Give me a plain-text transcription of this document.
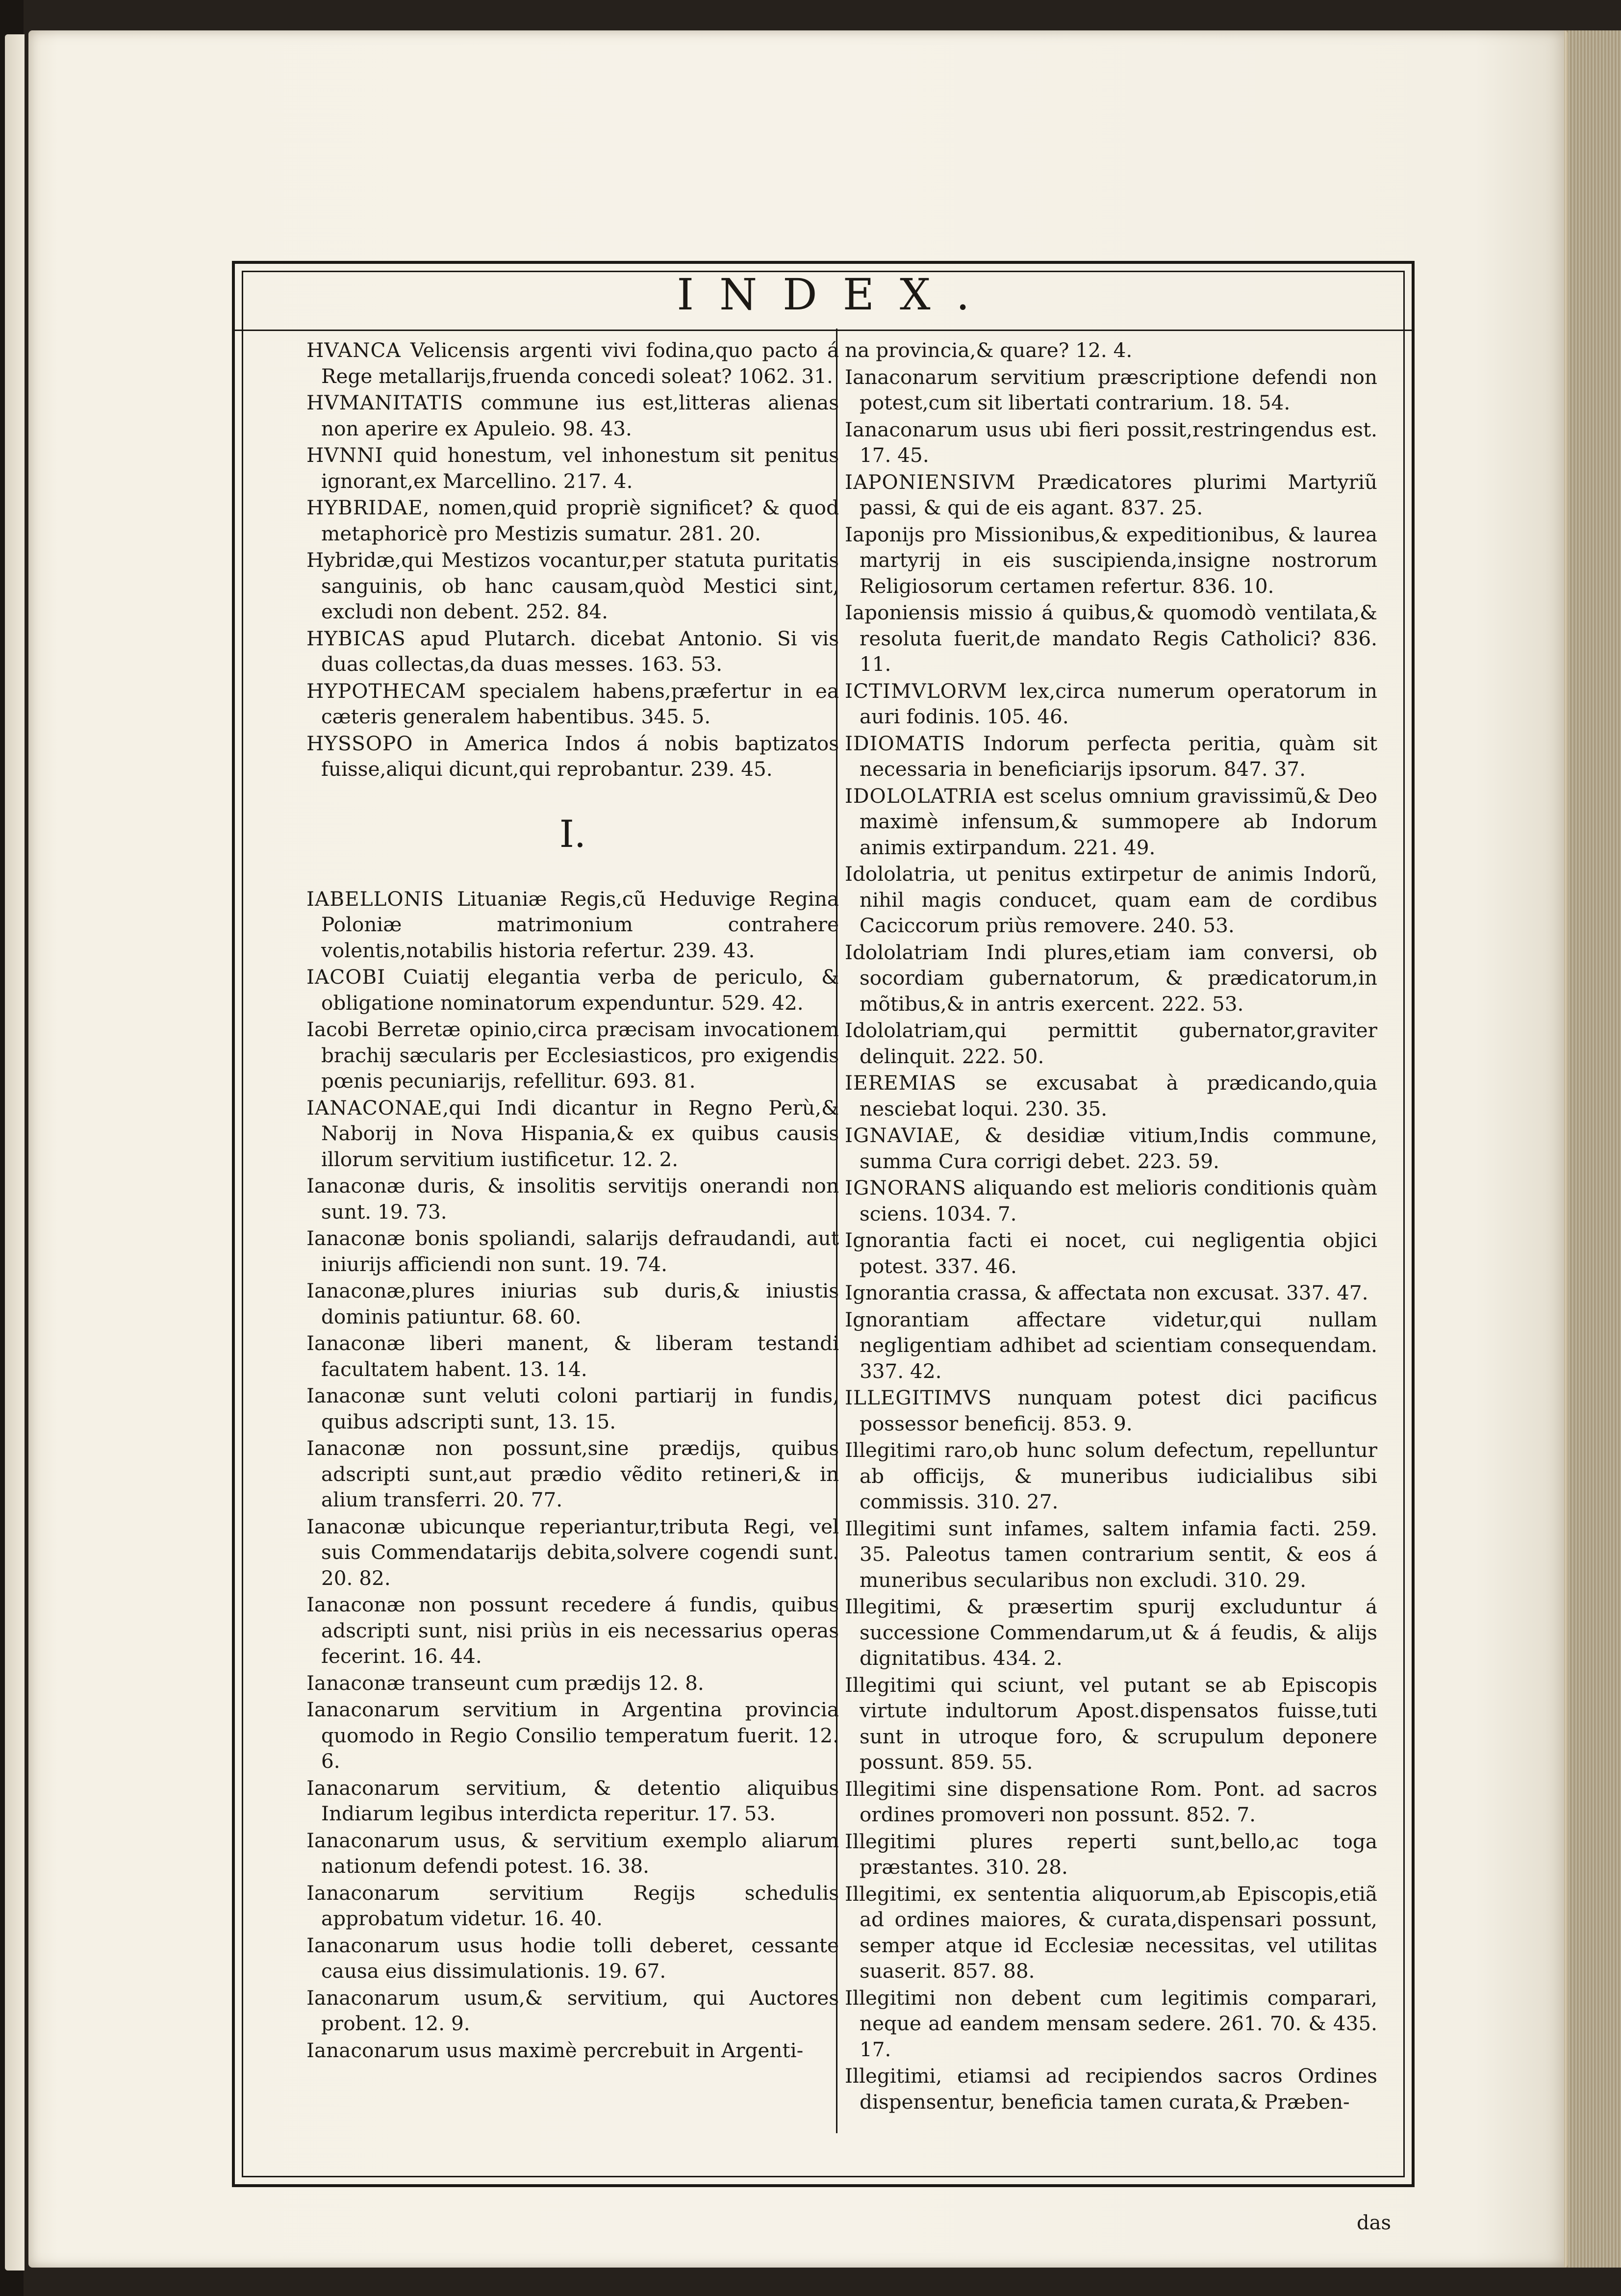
INDEX.
HVANCA Velicensis argenti vivi fodina,quo pacto á Rege metallarijs,fruenda concedi soleat? 1062. 31.
HVMANITATIS commune ius est,litteras alienas non aperire ex Apuleio. 98. 43.
HVNNI quid honestum, vel inhonestum sit penitus ignorant,ex Marcellino. 217. 4.
HYBRIDAE, nomen,quid propriè significet? & quod metaphoricè pro Mestizis sumatur. 281. 20.
Hybridæ,qui Mestizos vocantur,per statuta puritatis sanguinis, ob hanc causam,quòd Mestici sint, excludi non debent. 252. 84.
HYBICAS apud Plutarch. dicebat Antonio. Si vis duas collectas,da duas messes. 163. 53.
HYPOTHECAM specialem habens,præfertur in ea cæteris generalem habentibus. 345. 5.
HYSSOPO in America Indos á nobis baptizatos fuisse,aliqui dicunt,qui reprobantur. 239. 45.
I.
IABELLONIS Lituaniæ Regis,cũ Heduvige Regina Poloniæ matrimonium contrahere volentis,notabilis historia refertur. 239. 43.
IACOBI Cuiatij elegantia verba de periculo, & obligatione nominatorum expenduntur. 529. 42.
Iacobi Berretæ opinio,circa præcisam invocationem brachij sæcularis per Ecclesiasticos, pro exigendis pœnis pecuniarijs, refellitur. 693. 81.
IANACONAE,qui Indi dicantur in Regno Perù,& Naborij in Nova Hispania,& ex quibus causis illorum servitium iustificetur. 12. 2.
Ianaconæ duris, & insolitis servitijs onerandi non sunt. 19. 73.
Ianaconæ bonis spoliandi, salarijs defraudandi, aut iniurijs afficiendi non sunt. 19. 74.
Ianaconæ,plures iniurias sub duris,& iniustis dominis patiuntur. 68. 60.
Ianaconæ liberi manent, & liberam testandi facultatem habent. 13. 14.
Ianaconæ sunt veluti coloni partiarij in fundis, quibus adscripti sunt, 13. 15.
Ianaconæ non possunt,sine prædijs, quibus adscripti sunt,aut prædio vẽdito retineri,& in alium transferri. 20. 77.
Ianaconæ ubicunque reperiantur,tributa Regi, vel suis Commendatarijs debita,solvere cogendi sunt. 20. 82.
Ianaconæ non possunt recedere á fundis, quibus adscripti sunt, nisi priùs in eis necessarius operas fecerint. 16. 44.
Ianaconæ transeunt cum prædijs 12. 8.
Ianaconarum servitium in Argentina provincia quomodo in Regio Consilio temperatum fuerit. 12. 6.
Ianaconarum servitium, & detentio aliquibus Indiarum legibus interdicta reperitur. 17. 53.
Ianaconarum usus, & servitium exemplo aliarum nationum defendi potest. 16. 38.
Ianaconarum servitium Regijs schedulis approbatum videtur. 16. 40.
Ianaconarum usus hodie tolli deberet, cessante causa eius dissimulationis. 19. 67.
Ianaconarum usum,& servitium, qui Auctores probent. 12. 9.
Ianaconarum usus maximè percrebuit in Argenti-
na provincia,& quare? 12. 4.
Ianaconarum servitium præscriptione defendi non potest,cum sit libertati contrarium. 18. 54.
Ianaconarum usus ubi fieri possit,restringendus est. 17. 45.
IAPONIENSIVM Prædicatores plurimi Martyriũ passi, & qui de eis agant. 837. 25.
Iaponijs pro Missionibus,& expeditionibus, & laurea martyrij in eis suscipienda,insigne nostrorum Religiosorum certamen refertur. 836. 10.
Iaponiensis missio á quibus,& quomodò ventilata,& resoluta fuerit,de mandato Regis Catholici? 836. 11.
ICTIMVLORVM lex,circa numerum operatorum in auri fodinis. 105. 46.
IDIOMATIS Indorum perfecta peritia, quàm sit necessaria in beneficiarijs ipsorum. 847. 37.
IDOLOLATRIA est scelus omnium gravissimũ,& Deo maximè infensum,& summopere ab Indorum animis extirpandum. 221. 49.
Idololatria, ut penitus extirpetur de animis Indorũ, nihil magis conducet, quam eam de cordibus Caciccorum priùs removere. 240. 53.
Idololatriam Indi plures,etiam iam conversi, ob socordiam gubernatorum, & prædicatorum,in mõtibus,& in antris exercent. 222. 53.
Idololatriam,qui permittit gubernator,graviter delinquit. 222. 50.
IEREMIAS se excusabat à prædicando,quia nesciebat loqui. 230. 35.
IGNAVIAE, & desidiæ vitium,Indis commune, summa Cura corrigi debet. 223. 59.
IGNORANS aliquando est melioris conditionis quàm sciens. 1034. 7.
Ignorantia facti ei nocet, cui negligentia objici potest. 337. 46.
Ignorantia crassa, & affectata non excusat. 337. 47.
Ignorantiam affectare videtur,qui nullam negligentiam adhibet ad scientiam consequendam. 337. 42.
ILLEGITIMVS nunquam potest dici pacificus possessor beneficij. 853. 9.
Illegitimi raro,ob hunc solum defectum, repelluntur ab officijs, & muneribus iudicialibus sibi commissis. 310. 27.
Illegitimi sunt infames, saltem infamia facti. 259. 35. Paleotus tamen contrarium sentit, & eos á muneribus secularibus non excludi. 310. 29.
Illegitimi, & præsertim spurij excluduntur á successione Commendarum,ut & á feudis, & alijs dignitatibus. 434. 2.
Illegitimi qui sciunt, vel putant se ab Episcopis virtute indultorum Apost.dispensatos fuisse,tuti sunt in utroque foro, & scrupulum deponere possunt. 859. 55.
Illegitimi sine dispensatione Rom. Pont. ad sacros ordines promoveri non possunt. 852. 7.
Illegitimi plures reperti sunt,bello,ac toga præstantes. 310. 28.
Illegitimi, ex sententia aliquorum,ab Episcopis,etiã ad ordines maiores, & curata,dispensari possunt, semper atque id Ecclesiæ necessitas, vel utilitas suaserit. 857. 88.
Illegitimi non debent cum legitimis comparari, neque ad eandem mensam sedere. 261. 70. & 435. 17.
Illegitimi, etiamsi ad recipiendos sacros Ordines dispensentur, beneficia tamen curata,& Præben-
das
